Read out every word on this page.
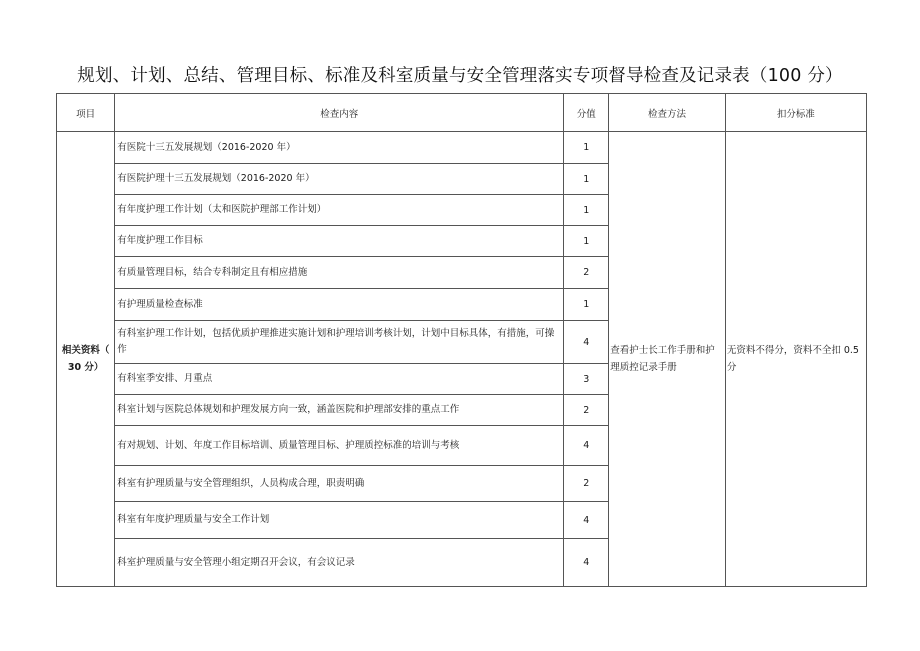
规划、计划、总结、管理目标、标准及科室质量与安全管理落实专项督导检查及记录表（100 分）
项目	检查内容	分值	检查方法	扣分标准
相关资料（ 30 分）	有医院十三五发展规划（2016-2020 年）	1	查看护士长工作手册和护理质控记录手册	无资料不得分，资料不全扣 0.5 分
	有医院护理十三五发展规划（2016-2020 年）	1		
	有年度护理工作计划（太和医院护理部工作计划）	1		
	有年度护理工作目标	1		
	有质量管理目标，结合专科制定且有相应措施	2		
	有护理质量检查标准	1		
	有科室护理工作计划，包括优质护理推进实施计划和护理培训考核计划，计划中目标具体，有措施，可操作	4		
	有科室季安排、月重点	3		
	科室计划与医院总体规划和护理发展方向一致，涵盖医院和护理部安排的重点工作	2		
	有对规划、计划、年度工作目标培训、质量管理目标、护理质控标准的培训与考核	4		
	科室有护理质量与安全管理组织，人员构成合理，职责明确	2		
	科室有年度护理质量与安全工作计划	4		
	科室护理质量与安全管理小组定期召开会议，有会议记录	4		
